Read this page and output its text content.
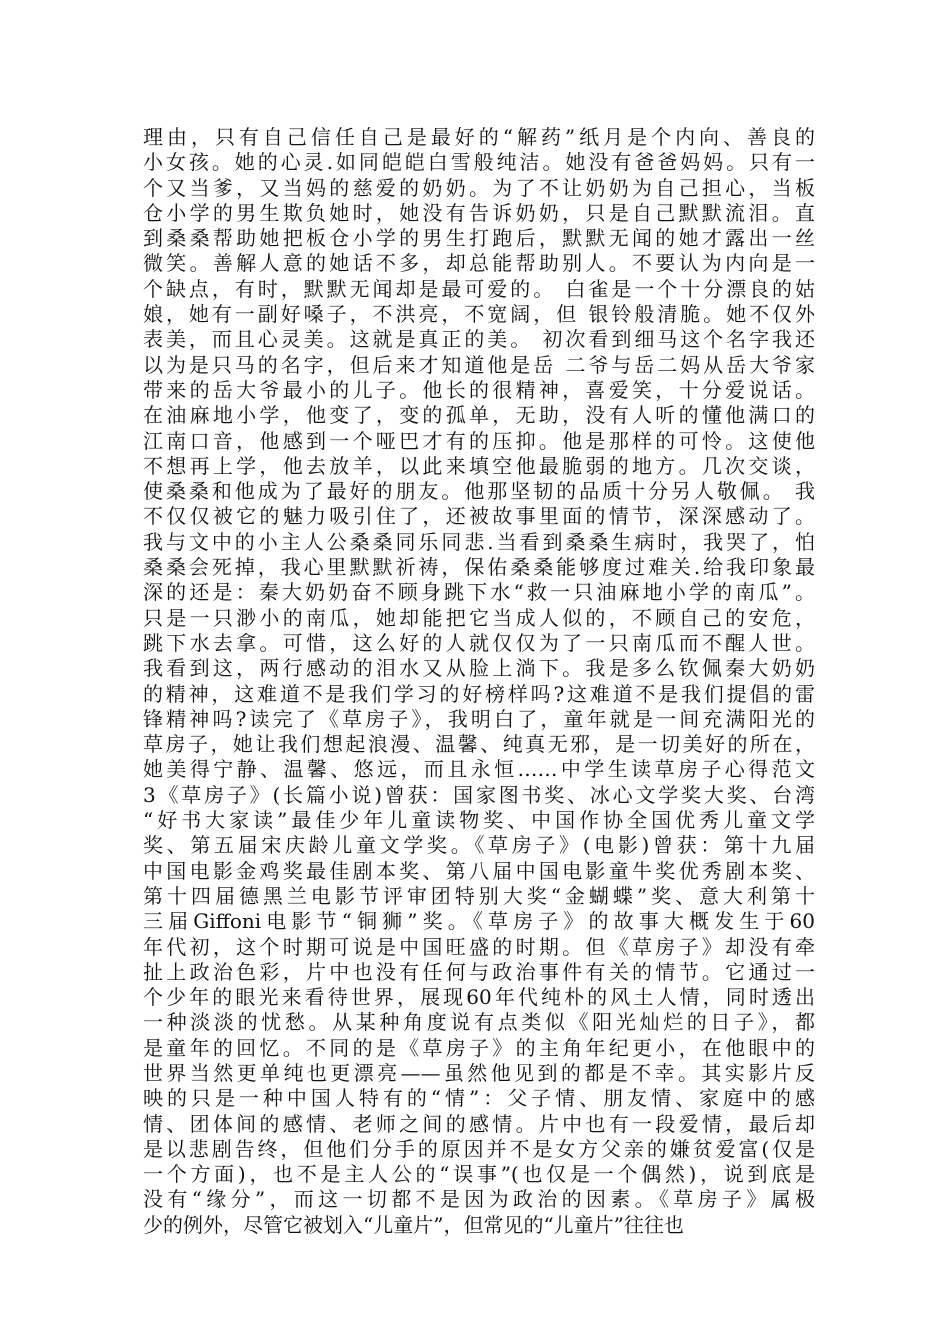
理由，只有自己信任自己是最好的“解药”纸月是个内向、善良的
小女孩。她的心灵.如同皑皑白雪般纯洁。她没有爸爸妈妈。只有一
个又当爹，又当妈的慈爱的奶奶。为了不让奶奶为自己担心，当板
仓小学的男生欺负她时，她没有告诉奶奶，只是自己默默流泪。直
到桑桑帮助她把板仓小学的男生打跑后，默默无闻的她才露出一丝
微笑。善解人意的她话不多，却总能帮助别人。不要认为内向是一
个缺点，有时，默默无闻却是最可爱的。 白雀是一个十分漂良的姑
娘，她有一副好嗓子，不洪亮，不宽阔，但 银铃般清脆。她不仅外
表美，而且心灵美。这就是真正的美。 初次看到细马这个名字我还
以为是只马的名字，但后来才知道他是岳 二爷与岳二妈从岳大爷家
带来的岳大爷最小的儿子。他长的很精神，喜爱笑，十分爱说话。
在油麻地小学，他变了，变的孤单，无助，没有人听的懂他满口的
江南口音，他感到一个哑巴才有的压抑。他是那样的可怜。这使他
不想再上学，他去放羊，以此来填空他最脆弱的地方。几次交谈，
使桑桑和他成为了最好的朋友。他那坚韧的品质十分另人敬佩。 我
不仅仅被它的魅力吸引住了，还被故事里面的情节，深深感动了。
我与文中的小主人公桑桑同乐同悲.当看到桑桑生病时，我哭了，怕
桑桑会死掉，我心里默默祈祷，保佑桑桑能够度过难关.给我印象最
深的还是：秦大奶奶奋不顾身跳下水“救一只油麻地小学的南瓜”。
只是一只渺小的南瓜，她却能把它当成人似的，不顾自己的安危，
跳下水去拿。可惜，这么好的人就仅仅为了一只南瓜而不醒人世。
我看到这，两行感动的泪水又从脸上淌下。我是多么钦佩秦大奶奶
的精神，这难道不是我们学习的好榜样吗?这难道不是我们提倡的雷
锋精神吗?读完了《草房子》，我明白了，童年就是一间充满阳光的
草房子，她让我们想起浪漫、温馨、纯真无邪，是一切美好的所在，
她美得宁静、温馨、悠远，而且永恒……中学生读草房子心得范文
3《草房子》(长篇小说)曾获：国家图书奖、冰心文学奖大奖、台湾
“好书大家读”最佳少年儿童读物奖、中国作协全国优秀儿童文学
奖、第五届宋庆龄儿童文学奖。《草房子》(电影)曾获：第十九届
中国电影金鸡奖最佳剧本奖、第八届中国电影童牛奖优秀剧本奖、
第十四届德黑兰电影节评审团特别大奖“金蝴蝶”奖、意大利第十
三届Giffoni电影节“铜狮”奖。《草房子》的故事大概发生于60
年代初，这个时期可说是中国旺盛的时期。但《草房子》却没有牵
扯上政治色彩，片中也没有任何与政治事件有关的情节。它通过一
个少年的眼光来看待世界，展现60年代纯朴的风土人情，同时透出
一种淡淡的忧愁。从某种角度说有点类似《阳光灿烂的日子》，都
是童年的回忆。不同的是《草房子》的主角年纪更小，在他眼中的
世界当然更单纯也更漂亮——虽然他见到的都是不幸。其实影片反
映的只是一种中国人特有的“情”：父子情、朋友情、家庭中的感
情、团体间的感情、老师之间的感情。片中也有一段爱情，最后却
是以悲剧告终，但他们分手的原因并不是女方父亲的嫌贫爱富(仅是
一个方面)，也不是主人公的“误事”(也仅是一个偶然)，说到底是
没有“缘分”，而这一切都不是因为政治的因素。《草房子》属极
少的例外，尽管它被划入“儿童片”，但常见的“儿童片”往往也
